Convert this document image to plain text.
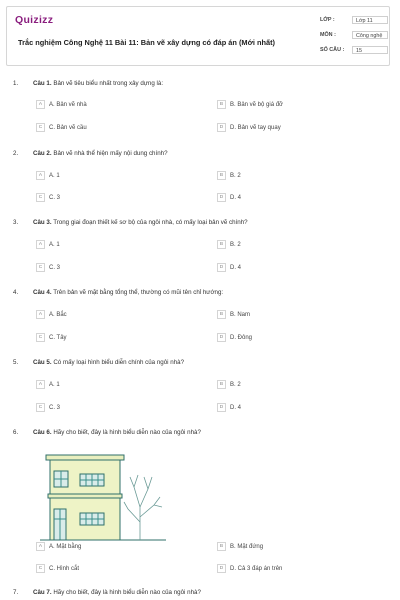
Quizizz
Trắc nghiệm Công Nghệ 11 Bài 11: Bản vẽ xây dựng có đáp án (Mới nhất)
LỚP :	Lớp 11
MÔN :	Công nghệ
SỐ CÂU : 15
1. Câu 1. Bản vẽ tiêu biểu nhất trong xây dựng là:
A A. Bản vẽ nhà	B B. Bản vẽ bộ giá đỡ
C C. Bản vẽ cầu	D D. Bản vẽ tay quay
2. Câu 2. Bản vẽ nhà thể hiện mấy nội dung chính?
A A. 1	B B. 2
C C. 3	D D. 4
3. Câu 3. Trong giai đoạn thiết kế sơ bộ của ngôi nhà, có mấy loại bản vẽ chính?
A A. 1	B B. 2
C C. 3	D D. 4
4. Câu 4. Trên bản vẽ mặt bằng tổng thể, thường có mũi tên chỉ hướng:
A A. Bắc	B B. Nam
C C. Tây	D D. Đông
5. Câu 5. Có mấy loại hình biểu diễn chính của ngôi nhà?
A A. 1	B B. 2
C C. 3	D D. 4
6. Câu 6. Hãy cho biết, đây là hình biểu diễn nào của ngôi nhà?
A A. Mặt bằng	B B. Mặt đứng
C C. Hình cắt	D D. Cả 3 đáp án trên
7. Câu 7. Hãy cho biết, đây là hình biểu diễn nào của ngôi nhà?
